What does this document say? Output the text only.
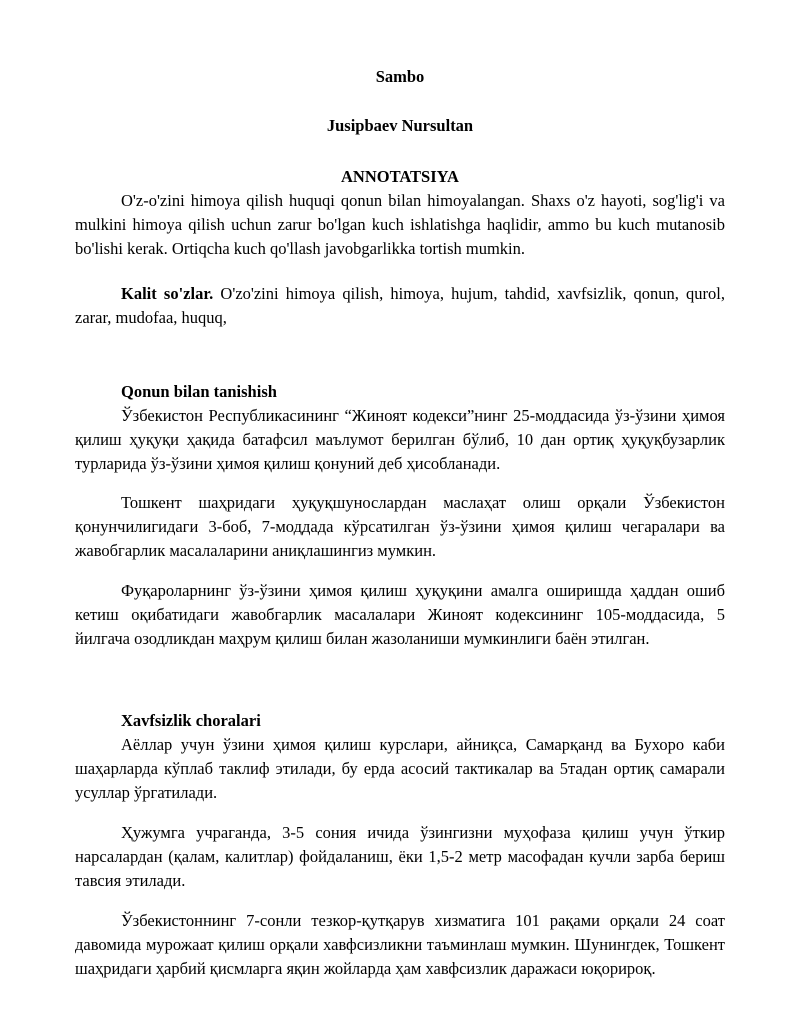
Sambo
Jusipbaev Nursultan
ANNOTATSIYA
O'z-o'zini himoya qilish huquqi qonun bilan himoyalangan. Shaxs o'z hayoti, sog'lig'i va mulkini himoya qilish uchun zarur bo'lgan kuch ishlatishga haqlidir, ammo bu kuch mutanosib bo'lishi kerak. Ortiqcha kuch qo'llash javobgarlikka tortish mumkin.
Kalit so'zlar. O'zo'zini himoya qilish, himoya, hujum, tahdid, xavfsizlik, qonun, qurol, zarar, mudofaa, huquq,
Qonun bilan tanishish
Ўзбекистон Республикасининг “Жиноят кодекси”нинг 25-моддасида ўз-ўзини ҳимоя қилиш ҳуқуқи ҳақида батафсил маълумот берилган бўлиб, 10 дан ортиқ ҳуқуқбузарлик турларида ўз-ўзини ҳимоя қилиш қонуний деб ҳисобланади.
Тошкент шаҳридаги ҳуқуқшунослардан маслаҳат олиш орқали Ўзбекистон қонунчилигидаги 3-боб, 7-моддада кўрсатилган ўз-ўзини ҳимоя қилиш чегаралари ва жавобгарлик масалаларини аниқлашингиз мумкин.
Фуқароларнинг ўз-ўзини ҳимоя қилиш ҳуқуқини амалга оширишда ҳаддан ошиб кетиш оқибатидаги жавобгарлик масалалари Жиноят кодексининг 105-моддасида, 5 йилгача озодликдан маҳрум қилиш билан жазоланиши мумкинлиги баён этилган.
Xavfsizlik choralari
Аёллар учун ўзини ҳимоя қилиш курслари, айниқса, Самарқанд ва Бухоро каби шаҳарларда кўплаб таклиф этилади, бу ерда асосий тактикалар ва 5тадан ортиқ самарали усуллар ўргатилади.
Ҳужумга учраганда, 3-5 сония ичида ўзингизни муҳофаза қилиш учун ўткир нарсалардан (қалам, калитлар) фойдаланиш, ёки 1,5-2 метр масофадан кучли зарба бериш тавсия этилади.
Ўзбекистоннинг 7-сонли тезкор-қутқарув хизматига 101 рақами орқали 24 соат давомида мурожаат қилиш орқали хавфсизликни таъминлаш мумкин. Шунингдек, Тошкент шаҳридаги ҳарбий қисмларга яқин жойларда ҳам хавфсизлик даражаси юқорироқ.
